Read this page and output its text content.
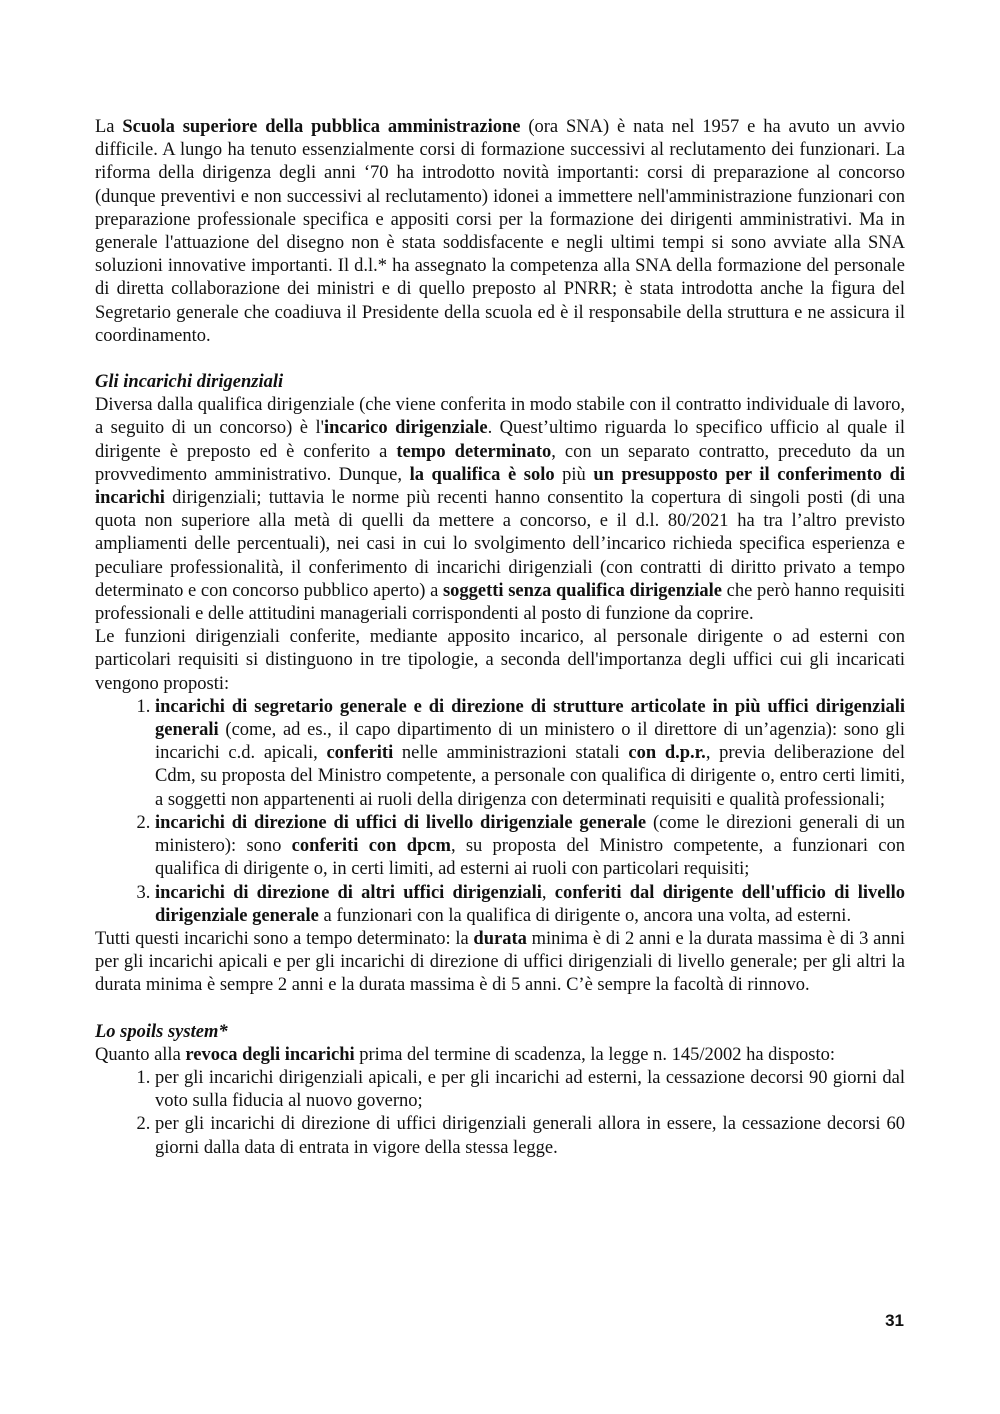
La Scuola superiore della pubblica amministrazione (ora SNA) è nata nel 1957 e ha avuto un avvio difficile. A lungo ha tenuto essenzialmente corsi di formazione successivi al reclutamento dei funzionari. La riforma della dirigenza degli anni ‘70 ha introdotto novità importanti: corsi di preparazione al concorso (dunque preventivi e non successivi al reclutamento) idonei a immettere nell'amministrazione funzionari con preparazione professionale specifica e appositi corsi per la formazione dei dirigenti amministrativi. Ma in generale l'attuazione del disegno non è stata soddisfacente e negli ultimi tempi si sono avviate alla SNA soluzioni innovative importanti. Il d.l.* ha assegnato la competenza alla SNA della formazione del personale di diretta collaborazione dei ministri e di quello preposto al PNRR; è stata introdotta anche la figura del Segretario generale che coadiuva il Presidente della scuola ed è il responsabile della struttura e ne assicura il coordinamento.

Gli incarichi dirigenziali

Diversa dalla qualifica dirigenziale (che viene conferita in modo stabile con il contratto individuale di lavoro, a seguito di un concorso) è l'incarico dirigenziale. Quest’ultimo riguarda lo specifico ufficio al quale il dirigente è preposto ed è conferito a tempo determinato, con un separato contratto, preceduto da un provvedimento amministrativo. Dunque, la qualifica è solo più un presupposto per il conferimento di incarichi dirigenziali; tuttavia le norme più recenti hanno consentito la copertura di singoli posti (di una quota non superiore alla metà di quelli da mettere a concorso, e il d.l. 80/2021 ha tra l’altro previsto ampliamenti delle percentuali), nei casi in cui lo svolgimento dell’incarico richieda specifica esperienza e peculiare professionalità, il conferimento di incarichi dirigenziali (con contratti di diritto privato a tempo determinato e con concorso pubblico aperto) a soggetti senza qualifica dirigenziale che però hanno requisiti professionali e delle attitudini manageriali corrispondenti al posto di funzione da coprire.

Le funzioni dirigenziali conferite, mediante apposito incarico, al personale dirigente o ad esterni con particolari requisiti si distinguono in tre tipologie, a seconda dell'importanza degli uffici cui gli incaricati vengono proposti:

1. incarichi di segretario generale e di direzione di strutture articolate in più uffici dirigenziali generali (come, ad es., il capo dipartimento di un ministero o il direttore di un’agenzia): sono gli incarichi c.d. apicali, conferiti nelle amministrazioni statali con d.p.r., previa deliberazione del Cdm, su proposta del Ministro competente, a personale con qualifica di dirigente o, entro certi limiti, a soggetti non appartenenti ai ruoli della dirigenza con determinati requisiti e qualità professionali;
2. incarichi di direzione di uffici di livello dirigenziale generale (come le direzioni generali di un ministero): sono conferiti con dpcm, su proposta del Ministro competente, a funzionari con qualifica di dirigente o, in certi limiti, ad esterni ai ruoli con particolari requisiti;
3. incarichi di direzione di altri uffici dirigenziali, conferiti dal dirigente dell'ufficio di livello dirigenziale generale a funzionari con la qualifica di dirigente o, ancora una volta, ad esterni.

Tutti questi incarichi sono a tempo determinato: la durata minima è di 2 anni e la durata massima è di 3 anni per gli incarichi apicali e per gli incarichi di direzione di uffici dirigenziali di livello generale; per gli altri la durata minima è sempre 2 anni e la durata massima è di 5 anni. C’è sempre la facoltà di rinnovo.

Lo spoils system*

Quanto alla revoca degli incarichi prima del termine di scadenza, la legge n. 145/2002 ha disposto:

1. per gli incarichi dirigenziali apicali, e per gli incarichi ad esterni, la cessazione decorsi 90 giorni dal voto sulla fiducia al nuovo governo;
2. per gli incarichi di direzione di uffici dirigenziali generali allora in essere, la cessazione decorsi 60 giorni dalla data di entrata in vigore della stessa legge.
31
